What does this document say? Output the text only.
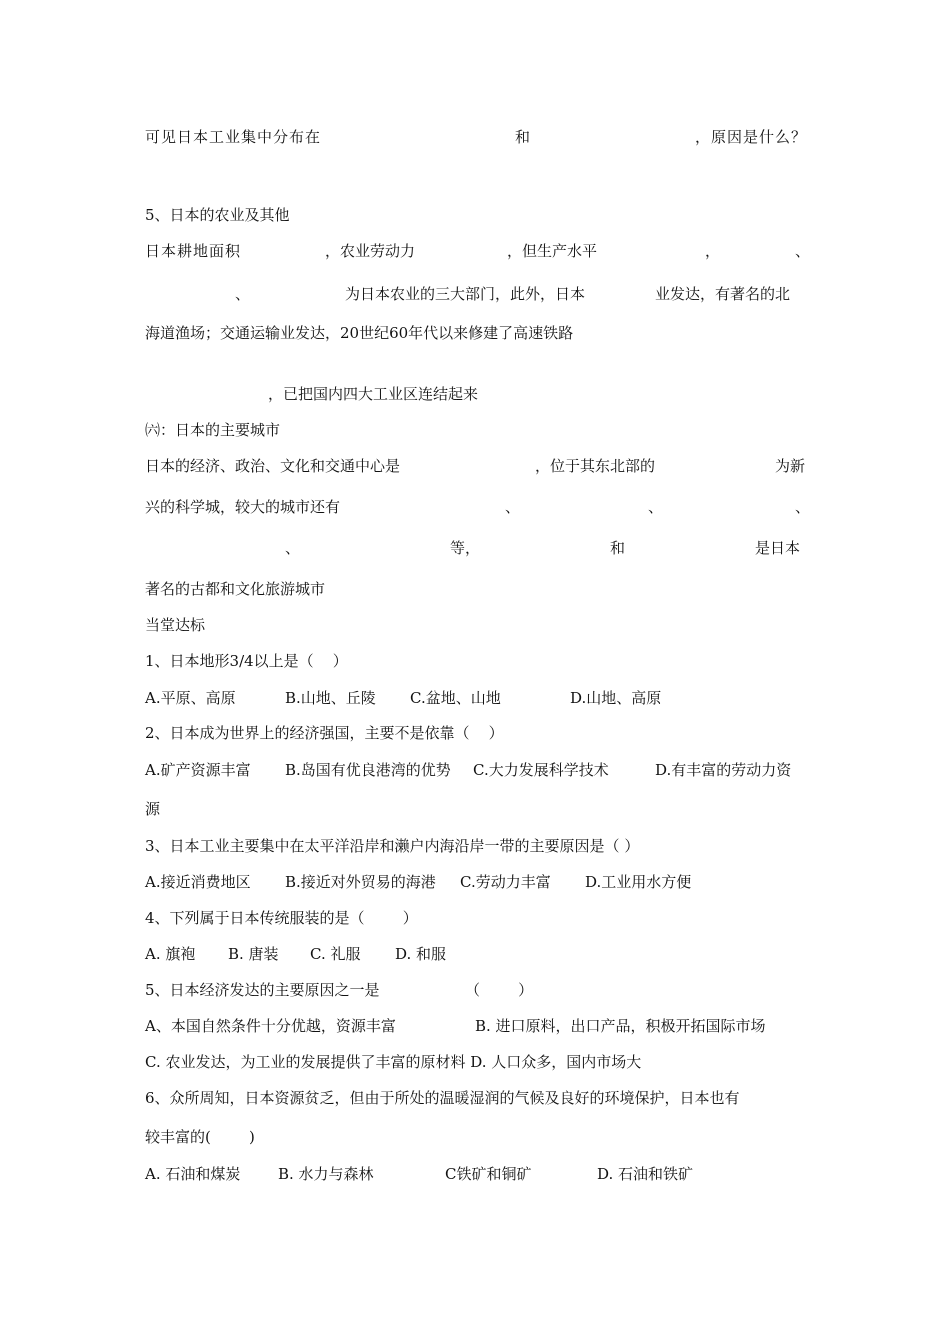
可见日本工业集中分布在	和	，原因是什么？
5、日本的农业及其他
日本耕地面积	，农业劳动力	，但生产水平	，	、
、	为日本农业的三大部门，此外，日本	业发达，有著名的北
海道渔场；交通运输业发达，20世纪60年代以来修建了高速铁路
，已把国内四大工业区连结起来
㈥：日本的主要城市
日本的经济、政治、文化和交通中心是	，位于其东北部的	为新
兴的科学城，较大的城市还有	、	、	、
、	等，	和	是日本
著名的古都和文化旅游城市
当堂达标
1、日本地形3/4以上是（    ）
A.平原、高原	B.山地、丘陵 C.盆地、山地	D.山地、高原
2、日本成为世界上的经济强国，主要不是依靠（    ）
A.矿产资源丰富 B.岛国有优良港湾的优势 C.大力发展科学技术	D.有丰富的劳动力资
源
3、日本工业主要集中在太平洋沿岸和濑户内海沿岸一带的主要原因是（ ）
A.接近消费地区 B.接近对外贸易的海港 C.劳动力丰富 D.工业用水方便
4、下列属于日本传统服装的是（        ）
A. 旗袍 B. 唐装 C. 礼服 D. 和服
5、日本经济发达的主要原因之一是	（        ）
A、本国自然条件十分优越，资源丰富	B. 进口原料，出口产品，积极开拓国际市场
C. 农业发达，为工业的发展提供了丰富的原材料 D. 人口众多，国内市场大
6、众所周知，日本资源贫乏，但由于所处的温暖湿润的气候及良好的环境保护，日本也有
较丰富的(        )
A. 石油和煤炭	B. 水力与森林	C铁矿和铜矿	D. 石油和铁矿
